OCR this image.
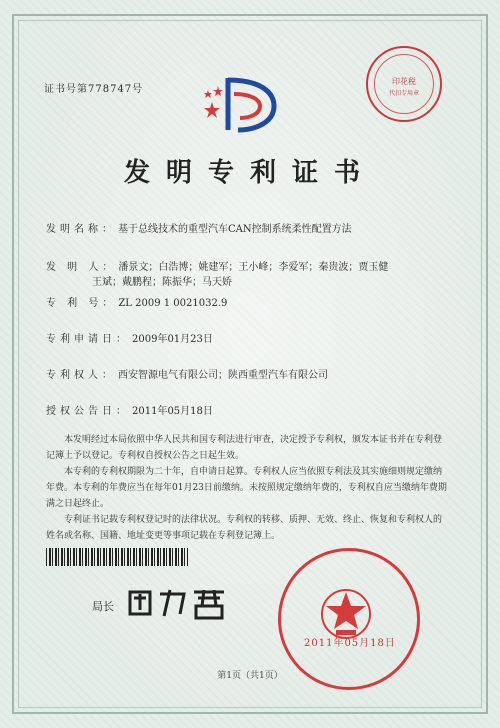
证书号第778747号
印花税
代扣专用章
发明专利证书
发明名称： 基于总线技术的重型汽车CAN控制系统柔性配置方法
发 明 人： 潘景文；白浩博；姚建军；王小峰；李爱军；秦贵波；贾玉健
王斌；戴鹏程；陈振华；马天娇
专 利 号： ZL 2009 1 0021032.9
专利申请日： 2009年01月23日
专利权人： 西安智源电气有限公司；陕西重型汽车有限公司
授权公告日： 2011年05月18日
本发明经过本局依照中华人民共和国专利法进行审查，决定授予专利权，颁发本证书并在专利登记簿上予以登记。专利权自授权公告之日起生效。
本专利的专利权期限为二十年，自申请日起算。专利权人应当依照专利法及其实施细则规定缴纳年费。本专利的年费应当在每年01月23日前缴纳。未按照规定缴纳年费的，专利权自应当缴纳年费期满之日起终止。
专利证书记载专利权登记时的法律状况。专利权的转移、质押、无效、终止、恢复和专利权人的姓名或名称、国籍、地址变更等事项记载在专利登记簿上。
局长
2011年05月18日
第1页（共1页）
